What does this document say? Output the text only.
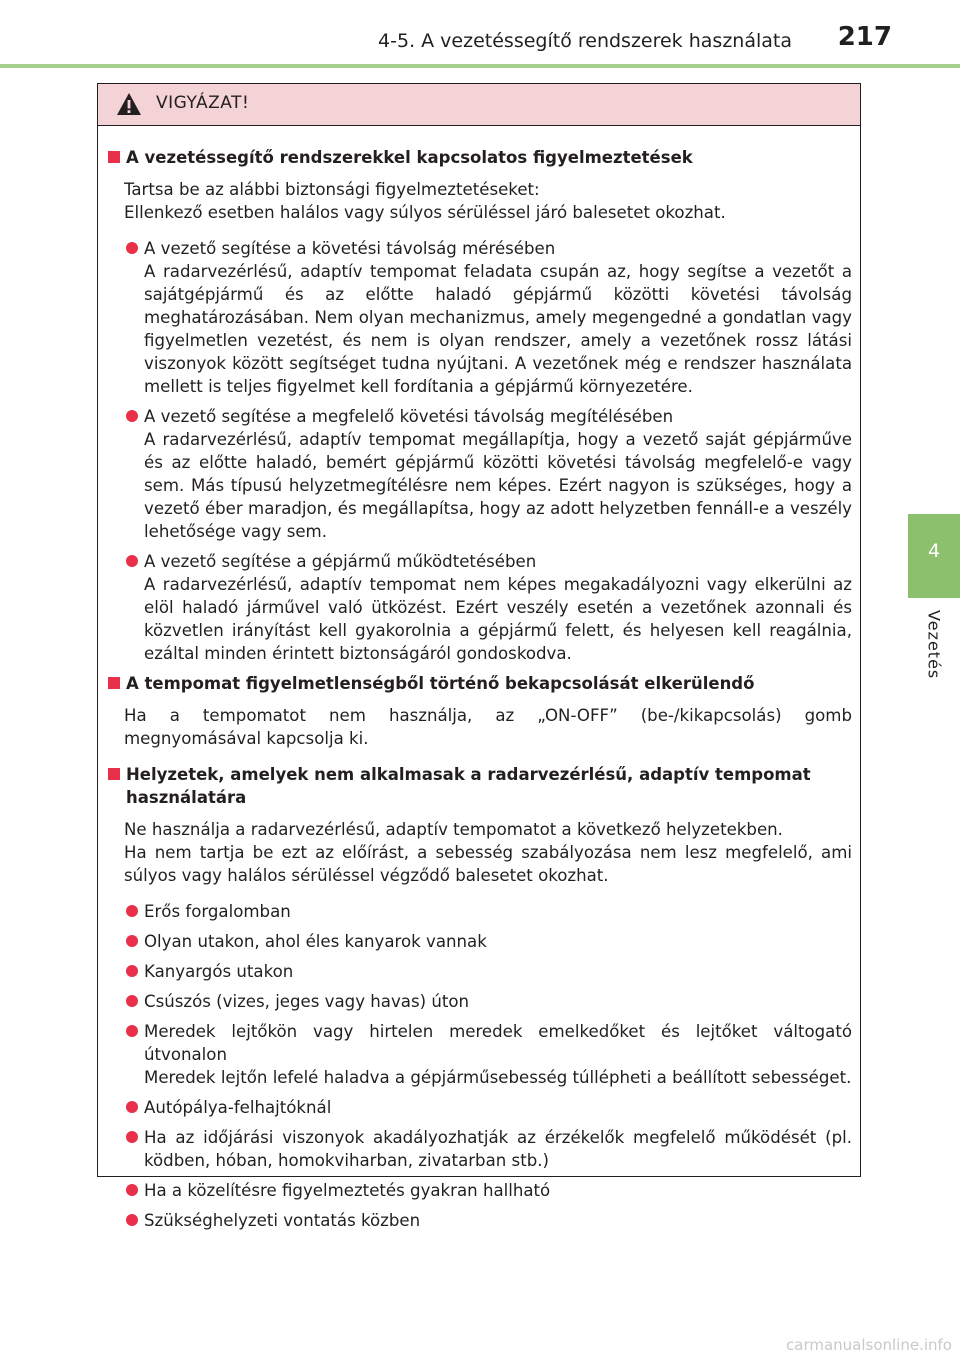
4-5. A vezetéssegítő rendszerek használata 217
4
Vezetés
VIGYÁZAT!
A vezetéssegítő rendszerekkel kapcsolatos figyelmeztetések
Tartsa be az alábbi biztonsági figyelmeztetéseket:
Ellenkező esetben halálos vagy súlyos sérüléssel járó balesetet okozhat.
A vezető segítése a követési távolság mérésében
A radarvezérlésű, adaptív tempomat feladata csupán az, hogy segítse a vezetőt a sajátgépjármű és az előtte haladó gépjármű közötti követési távolság meghatározásában. Nem olyan mechanizmus, amely megengedné a gondatlan vagy figyelmetlen vezetést, és nem is olyan rendszer, amely a vezetőnek rossz látási viszonyok között segítséget tudna nyújtani. A vezetőnek még e rendszer használata mellett is teljes figyelmet kell fordítania a gépjármű környezetére.
A vezető segítése a megfelelő követési távolság megítélésében
A radarvezérlésű, adaptív tempomat megállapítja, hogy a vezető saját gépjárműve és az előtte haladó, bemért gépjármű közötti követési távolság megfelelő-e vagy sem. Más típusú helyzetmegítélésre nem képes. Ezért nagyon is szükséges, hogy a vezető éber maradjon, és megállapítsa, hogy az adott helyzetben fennáll-e a veszély lehetősége vagy sem.
A vezető segítése a gépjármű működtetésében
A radarvezérlésű, adaptív tempomat nem képes megakadályozni vagy elkerülni az elöl haladó járművel való ütközést. Ezért veszély esetén a vezetőnek azonnali és közvetlen irányítást kell gyakorolnia a gépjármű felett, és helyesen kell reagálnia, ezáltal minden érintett biztonságáról gondoskodva.
A tempomat figyelmetlenségből történő bekapcsolását elkerülendő
Ha a tempomatot nem használja, az „ON-OFF” (be-/kikapcsolás) gomb megnyomásával kapcsolja ki.
Helyzetek, amelyek nem alkalmasak a radarvezérlésű, adaptív tempomat használatára
Ne használja a radarvezérlésű, adaptív tempomatot a következő helyzetekben.
Ha nem tartja be ezt az előírást, a sebesség szabályozása nem lesz megfelelő, ami súlyos vagy halálos sérüléssel végződő balesetet okozhat.
Erős forgalomban
Olyan utakon, ahol éles kanyarok vannak
Kanyargós utakon
Csúszós (vizes, jeges vagy havas) úton
Meredek lejtőkön vagy hirtelen meredek emelkedőket és lejtőket váltogató útvonalon
Meredek lejtőn lefelé haladva a gépjárműsebesség túllépheti a beállított sebességet.
Autópálya-felhajtóknál
Ha az időjárási viszonyok akadályozhatják az érzékelők megfelelő működését (pl. ködben, hóban, homokviharban, zivatarban stb.)
Ha a közelítésre figyelmeztetés gyakran hallható
Szükséghelyzeti vontatás közben
carmanualsonline.info
